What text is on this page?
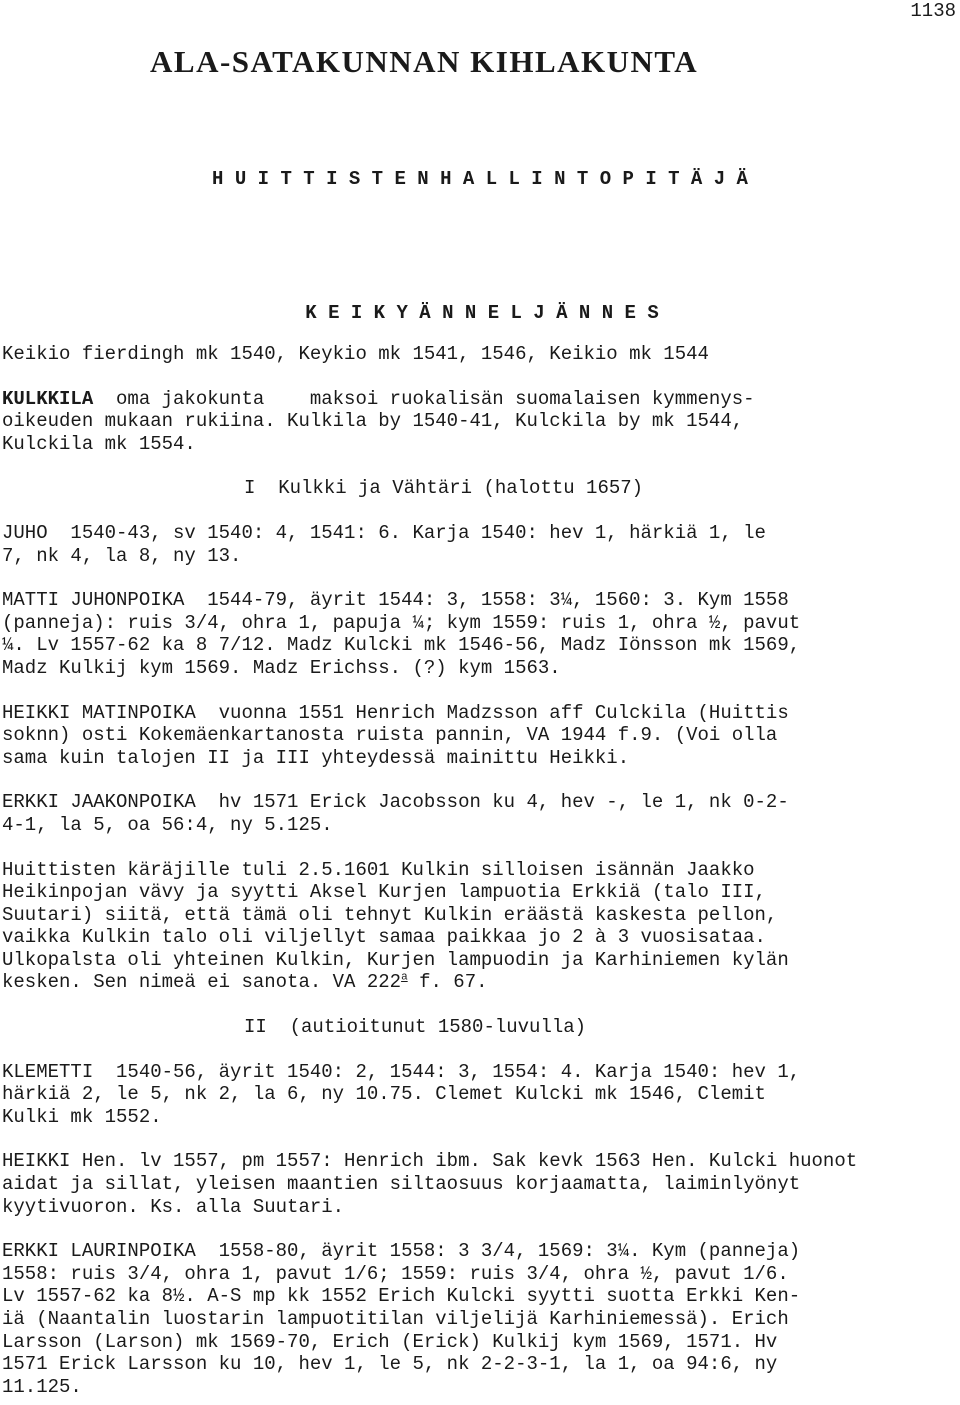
1138
ALA-SATAKUNNAN KIHLAKUNTA
H U I T T I S T E N H A L L I N T O P I T Ä J Ä
K E I K Y Ä N N E L J Ä N N E S

Keikio fierdingh mk 1540, Keykio mk 1541, 1546, Keikio mk 1544

KULKKILA  oma jakokunta    maksoi ruokalisän suomalaisen kymmenys-
oikeuden mukaan rukiina. Kulkila by 1540-41, Kulckila by mk 1544,
Kulckila mk 1554.

I  Kulkki ja Vähtäri (halottu 1657)

JUHO  1540-43, sv 1540: 4, 1541: 6. Karja 1540: hev 1, härkiä 1, le
7, nk 4, la 8, ny 13.

MATTI JUHONPOIKA  1544-79, äyrit 1544: 3, 1558: 3¼, 1560: 3. Kym 1558
(panneja): ruis 3/4, ohra 1, papuja ¼; kym 1559: ruis 1, ohra ½, pavut
¼. Lv 1557-62 ka 8 7/12. Madz Kulcki mk 1546-56, Madz Iönsson mk 1569,
Madz Kulkij kym 1569. Madz Erichss. (?) kym 1563.

HEIKKI MATINPOIKA  vuonna 1551 Henrich Madzsson aff Culckila (Huittis
soknn) osti Kokemäenkartanosta ruista pannin, VA 1944 f.9. (Voi olla
sama kuin talojen II ja III yhteydessä mainittu Heikki.

ERKKI JAAKONPOIKA  hv 1571 Erick Jacobsson ku 4, hev -, le 1, nk 0-2-
4-1, la 5, oa 56:4, ny 5.125.

Huittisten käräjille tuli 2.5.1601 Kulkin silloisen isännän Jaakko
Heikinpojan vävy ja syytti Aksel Kurjen lampuotia Erkkiä (talo III,
Suutari) siitä, että tämä oli tehnyt Kulkin eräästä kaskesta pellon,
vaikka Kulkin talo oli viljellyt samaa paikkaa jo 2 à 3 vuosisataa.
Ulkopalsta oli yhteinen Kulkin, Kurjen lampuodin ja Karhiniemen kylän
kesken. Sen nimeä ei sanota. VA 222$^a$ f. 67.

II  (autioitunut 1580-luvulla)

KLEMETTI  1540-56, äyrit 1540: 2, 1544: 3, 1554: 4. Karja 1540: hev 1,
härkiä 2, le 5, nk 2, la 6, ny 10.75. Clemet Kulcki mk 1546, Clemit
Kulki mk 1552.

HEIKKI Hen. lv 1557, pm 1557: Henrich ibm. Sak kevk 1563 Hen. Kulcki huonot
aidat ja sillat, yleisen maantien siltaosuus korjaamatta, laiminlyönyt
kyytivuoron. Ks. alla Suutari.

ERKKI LAURINPOIKA  1558-80, äyrit 1558: 3 3/4, 1569: 3¼. Kym (panneja)
1558: ruis 3/4, ohra 1, pavut 1/6; 1559: ruis 3/4, ohra ½, pavut 1/6.
Lv 1557-62 ka 8½. A-S mp kk 1552 Erich Kulcki syytti suotta Erkki Ken-
iä (Naantalin luostarin lampuotitilan viljelijä Karhiniemessä). Erich
Larsson (Larson) mk 1569-70, Erich (Erick) Kulkij kym 1569, 1571. Hv
1571 Erick Larsson ku 10, hev 1, le 5, nk 2-2-3-1, la 1, oa 94:6, ny
11.125.
